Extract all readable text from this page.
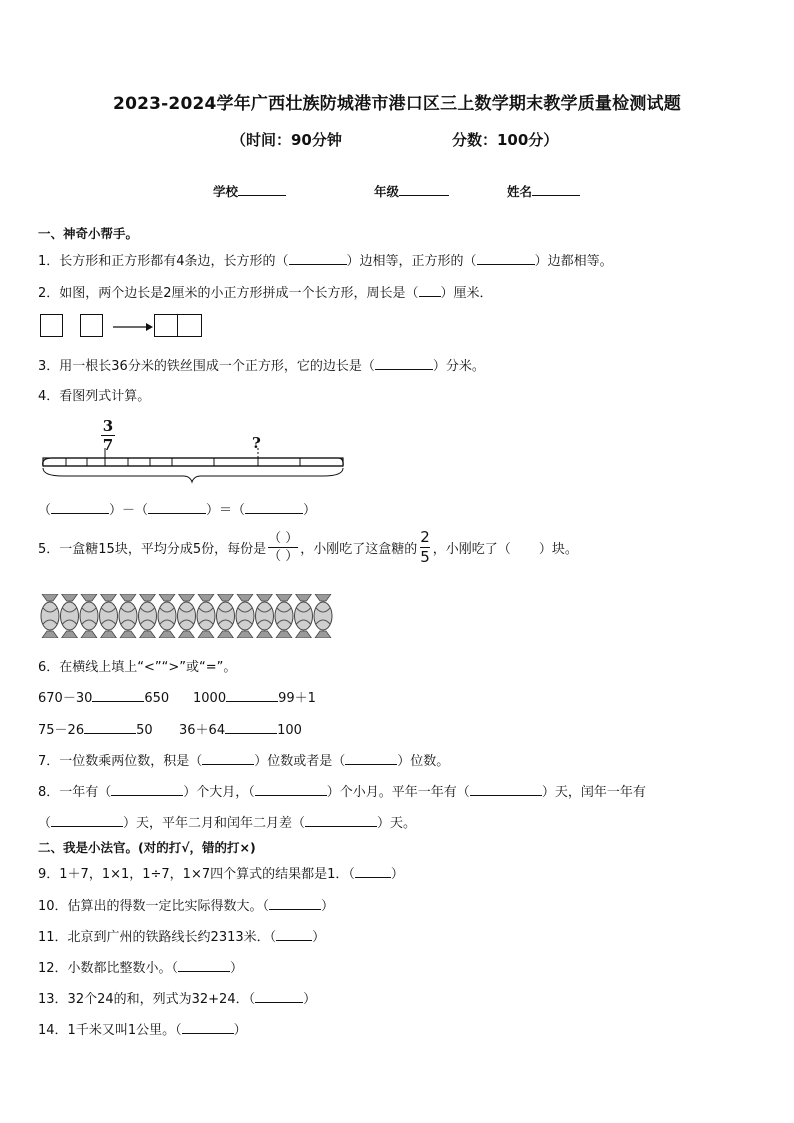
2023-2024学年广西壮族防城港市港口区三上数学期末教学质量检测试题
（时间：90分钟	分数：100分）
学校	年级	姓名
一、神奇小帮手。
1．长方形和正方形都有4条边，长方形的（	）边相等，正方形的（	）边都相等。
2．如图，两个边长是2厘米的小正方形拼成一个长方形，周长是（ ）厘米．
3．用一根长36分米的铁丝围成一个正方形，它的边长是（	）分米。
4．看图列式计算。
3
7	?
（	）－（	）＝（	）
5．一盒糖15块，平均分成5份，每份是 $\frac{( )}{( )}$ ，小刚吃了这盒糖的 $\frac{2}{5}$ ，小刚吃了（ ）块。
6．在横线上填上“<”“>”或“=”。
670－30	650 1000	99＋1
75－26	50 36＋64	100
7．一位数乘两位数，积是（	）位数或者是（	）位数。
8．一年有（	）个大月，（	）个小月。平年一年有（	）天，闰年一年有
（	）天，平年二月和闰年二月差（	）天。
二、我是小法官。(对的打√，错的打×)
9．1＋7，1×1，1÷7，1×7四个算式的结果都是1．（	）
10．估算出的得数一定比实际得数大。（	）
11．北京到广州的铁路线长约2313米．（	）
12．小数都比整数小。（	）
13．32个24的和，列式为32+24．（	）
14．1千米又叫1公里。（	）
